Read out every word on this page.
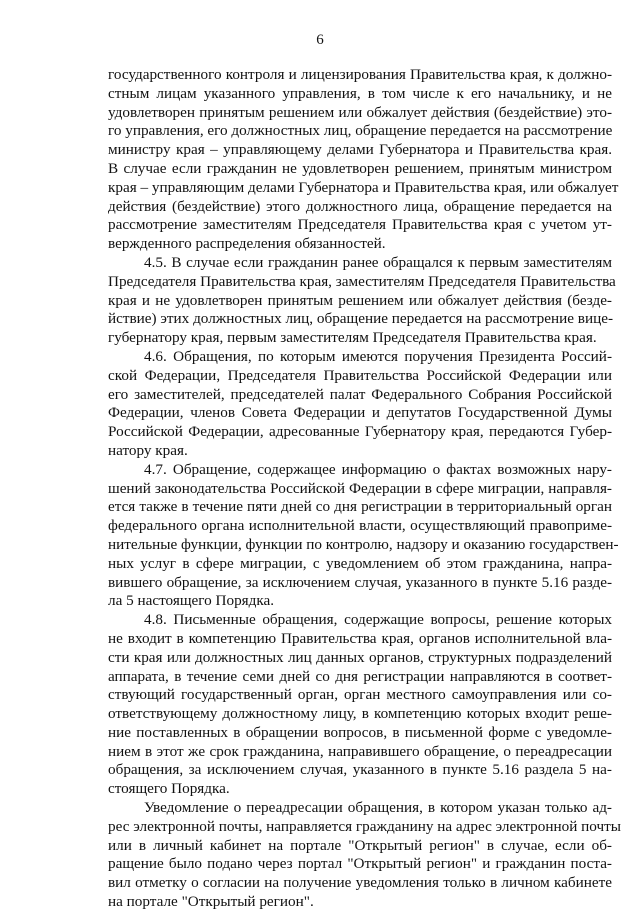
6
государственного контроля и лицензирования Правительства края, к должно-
стным лицам указанного управления, в том числе к его начальнику, и не
удовлетворен принятым решением или обжалует действия (бездействие) это-
го управления, его должностных лиц, обращение передается на рассмотрение
министру края – управляющему делами Губернатора и Правительства края.
В случае если гражданин не удовлетворен решением, принятым министром
края – управляющим делами Губернатора и Правительства края, или обжалует
действия (бездействие) этого должностного лица, обращение передается на
рассмотрение заместителям Председателя Правительства края с учетом ут-
вержденного распределения обязанностей.
4.5. В случае если гражданин ранее обращался к первым заместителям
Председателя Правительства края, заместителям Председателя Правительства
края и не удовлетворен принятым решением или обжалует действия (безде-
йствие) этих должностных лиц, обращение передается на рассмотрение вице-
губернатору края, первым заместителям Председателя Правительства края.
4.6. Обращения, по которым имеются поручения Президента Россий-
ской Федерации, Председателя Правительства Российской Федерации или
его заместителей, председателей палат Федерального Собрания Российской
Федерации, членов Совета Федерации и депутатов Государственной Думы
Российской Федерации, адресованные Губернатору края, передаются Губер-
натору края.
4.7. Обращение, содержащее информацию о фактах возможных нару-
шений законодательства Российской Федерации в сфере миграции, направля-
ется также в течение пяти дней со дня регистрации в территориальный орган
федерального органа исполнительной власти, осуществляющий правоприме-
нительные функции, функции по контролю, надзору и оказанию государствен-
ных услуг в сфере миграции, с уведомлением об этом гражданина, напра-
вившего обращение, за исключением случая, указанного в пункте 5.16 разде-
ла 5 настоящего Порядка.
4.8. Письменные обращения, содержащие вопросы, решение которых
не входит в компетенцию Правительства края, органов исполнительной вла-
сти края или должностных лиц данных органов, структурных подразделений
аппарата, в течение семи дней со дня регистрации направляются в соответ-
ствующий государственный орган, орган местного самоуправления или со-
ответствующему должностному лицу, в компетенцию которых входит реше-
ние поставленных в обращении вопросов, в письменной форме с уведомле-
нием в этот же срок гражданина, направившего обращение, о переадресации
обращения, за исключением случая, указанного в пункте 5.16 раздела 5 на-
стоящего Порядка.
Уведомление о переадресации обращения, в котором указан только ад-
рес электронной почты, направляется гражданину на адрес электронной почты
или в личный кабинет на портале "Открытый регион" в случае, если об-
ращение было подано через портал "Открытый регион" и гражданин поста-
вил отметку о согласии на получение уведомления только в личном кабинете
на портале "Открытый регион".
